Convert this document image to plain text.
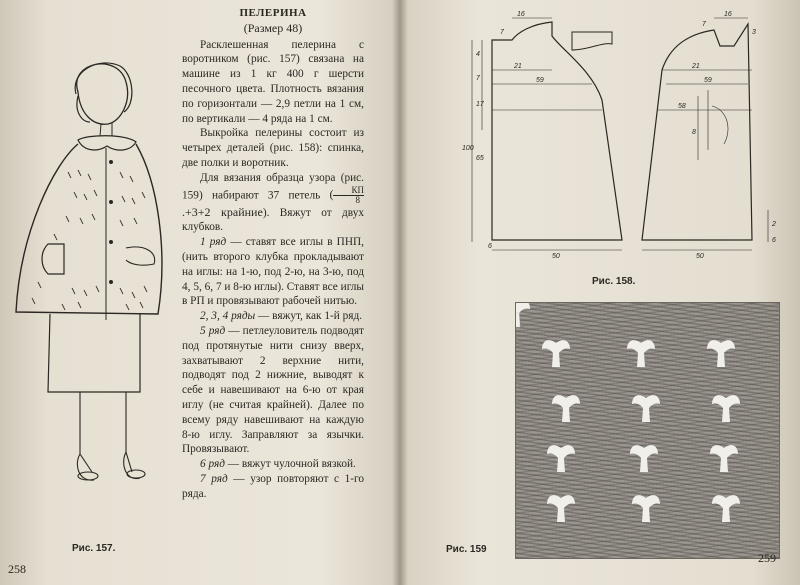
Рис. 157.
258
ПЕЛЕРИНА
(Размер 48)

Расклешенная пелерина с воротником (рис. 157) связана на машине из 1 кг 400 г шерсти песочного цвета. Плотность вязания по горизонтали — 2,9 петли на 1 см, по вертикали — 4 ряда на 1 см.

Выкройка пелерины состоит из четырех деталей (рис. 158): спинка, две полки и воротник.

Для вязания образца узора (рис. 159) набирают 37 петель ( $\frac{КП}{8}$
.+3+2 крайние). Вяжут от двух клубков.

1 ряд — ставят все иглы в ПНП, (нить второго клубка прокладывают на иглы: на 1-ю, под 2-ю, на 3-ю, под 4, 5, 6, 7 и 8-ю иглы). Ставят все иглы в РП и провязывают рабочей нитью.

2, 3, 4 ряды — вяжут, как 1-й ряд.

5 ряд — петлеуловитель подводят под протянутые нити снизу вверх, захватывают 2 верхние нити, подводят под 2 нижние, выводят к себе и навешивают на 6-ю от края иглу (не считая крайней). Далее по всему ряду навешивают на каждую 8-ю иглу. Заправляют за язычки. Провязывают.

6 ряд — вяжут чулочной вязкой.

7 ряд — узор повторяют с 1-го ряда.

16
7
16
7
3
21
59
21
59
58
4
7
8
17
65
100
50	50
6
2
6
Рис. 158.
Рис. 159
259
